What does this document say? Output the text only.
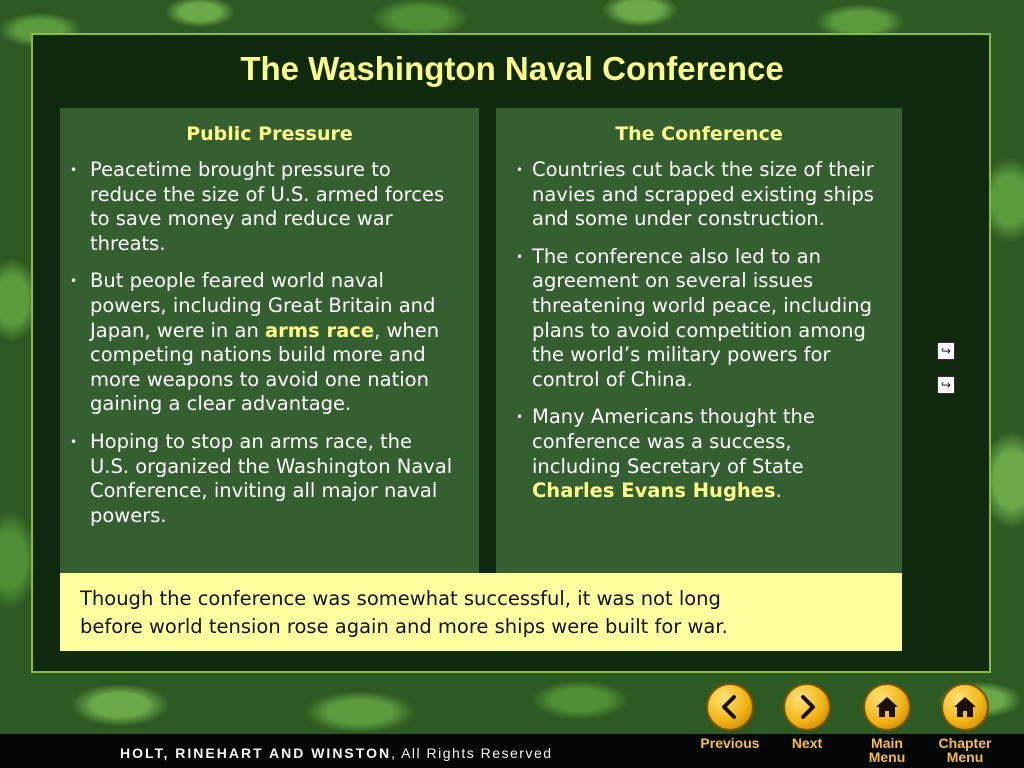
The Washington Naval Conference
Public Pressure
• Peacetime brought pressure to reduce the size of U.S. armed forces to save money and reduce war threats.
• But people feared world naval powers, including Great Britain and Japan, were in an arms race, when competing nations build more and more weapons to avoid one nation gaining a clear advantage.
• Hoping to stop an arms race, the U.S. organized the Washington Naval Conference, inviting all major naval powers.
The Conference
• Countries cut back the size of their navies and scrapped existing ships and some under construction.
• The conference also led to an agreement on several issues threatening world peace, including plans to avoid competition among the world’s military powers for control of China.
• Many Americans thought the conference was a success, including Secretary of State Charles Evans Hughes.
↪
↪
Though the conference was somewhat successful, it was not long
before world tension rose again and more ships were built for war.
HOLT, RINEHART AND WINSTON, All Rights Reserved
Previous	Next	Main
Menu
Chapter
Menu
